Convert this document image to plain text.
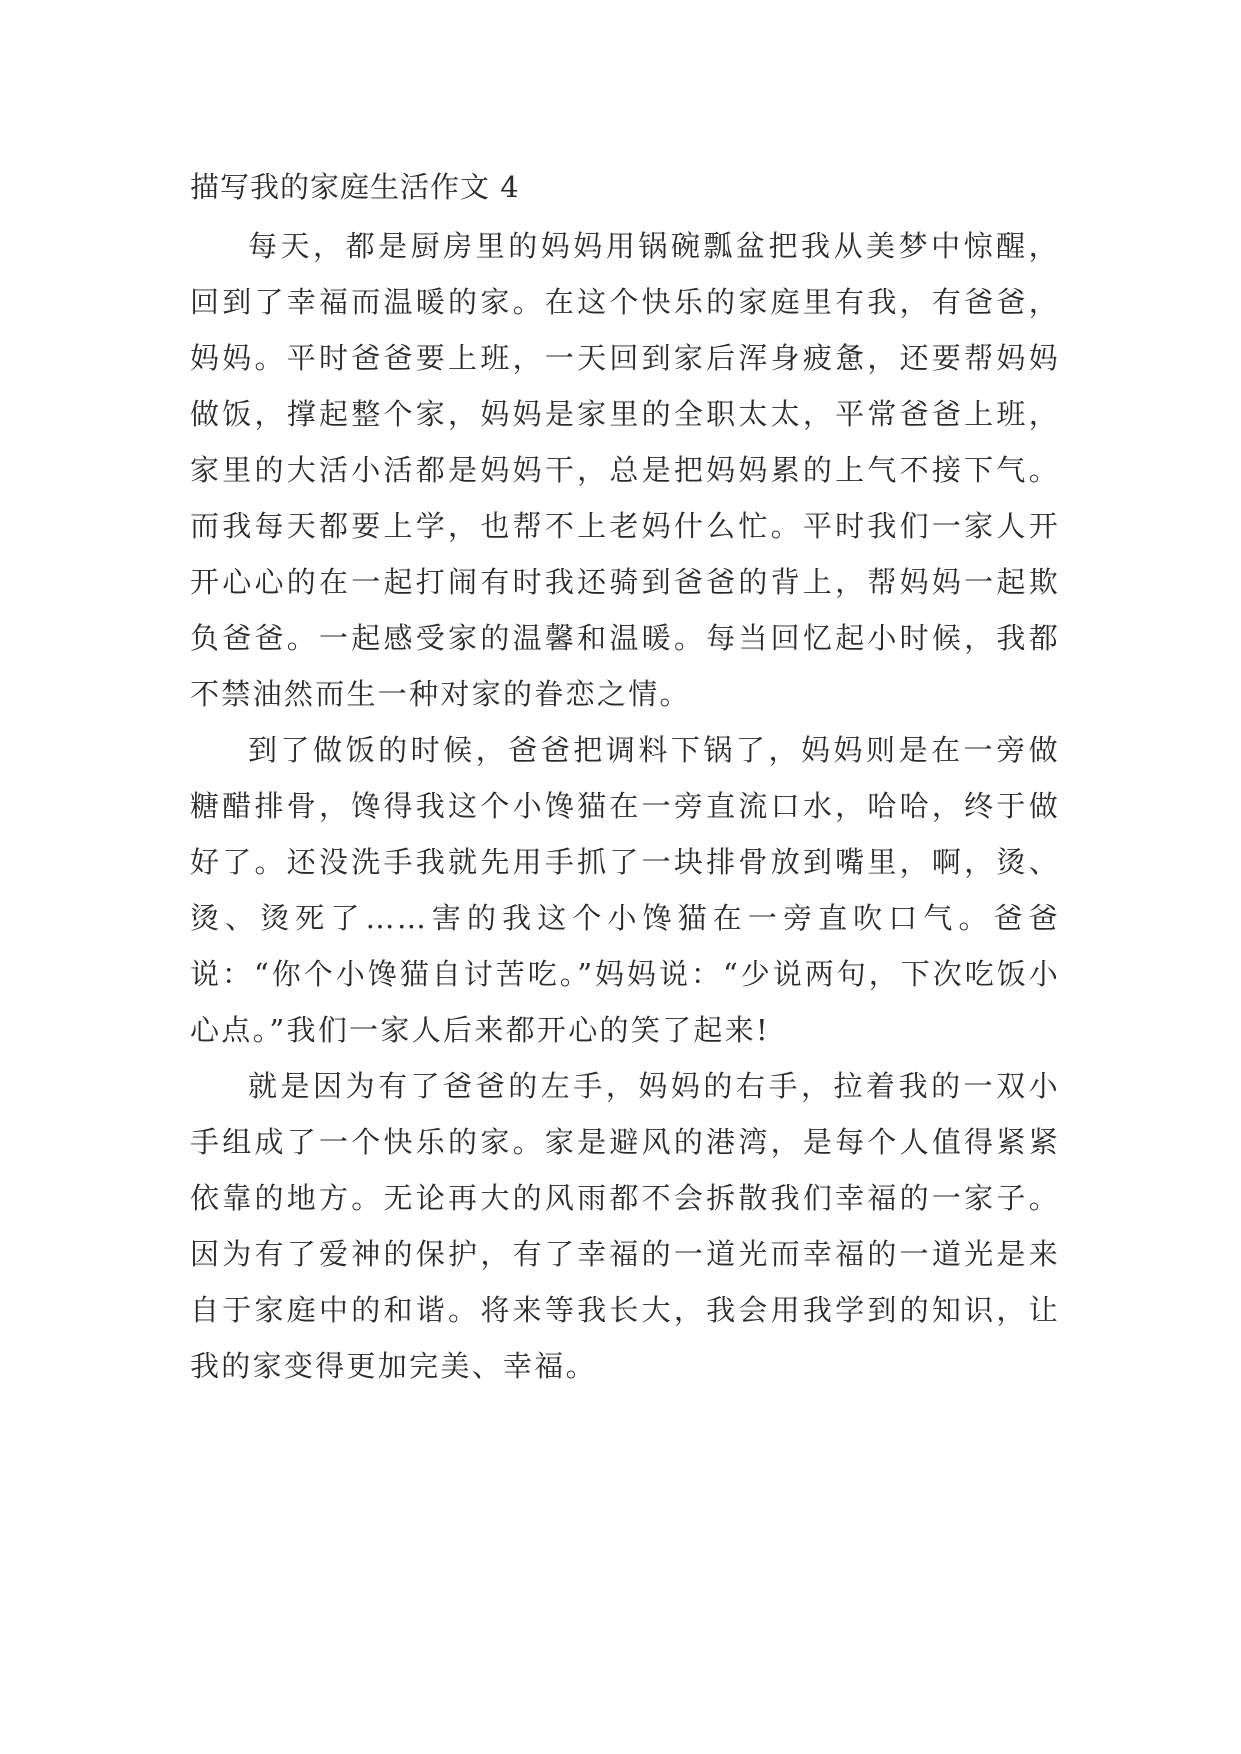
描写我的家庭生活作文 4

每天，都是厨房里的妈妈用锅碗瓢盆把我从美梦中惊醒，回到了幸福而温暖的家。在这个快乐的家庭里有我，有爸爸，妈妈。平时爸爸要上班，一天回到家后浑身疲惫，还要帮妈妈做饭，撑起整个家，妈妈是家里的全职太太，平常爸爸上班，家里的大活小活都是妈妈干，总是把妈妈累的上气不接下气。而我每天都要上学，也帮不上老妈什么忙。平时我们一家人开开心心的在一起打闹有时我还骑到爸爸的背上，帮妈妈一起欺负爸爸。一起感受家的温馨和温暖。每当回忆起小时候，我都不禁油然而生一种对家的眷恋之情。

到了做饭的时候，爸爸把调料下锅了，妈妈则是在一旁做糖醋排骨，馋得我这个小馋猫在一旁直流口水，哈哈，终于做好了。还没洗手我就先用手抓了一块排骨放到嘴里，啊，烫、烫、烫死了……害的我这个小馋猫在一旁直吹口气。爸爸说：“你个小馋猫自讨苦吃。”妈妈说：“少说两句，下次吃饭小心点。”我们一家人后来都开心的笑了起来!

就是因为有了爸爸的左手，妈妈的右手，拉着我的一双小手组成了一个快乐的家。家是避风的港湾，是每个人值得紧紧依靠的地方。无论再大的风雨都不会拆散我们幸福的一家子。因为有了爱神的保护，有了幸福的一道光而幸福的一道光是来自于家庭中的和谐。将来等我长大，我会用我学到的知识，让我的家变得更加完美、幸福。
